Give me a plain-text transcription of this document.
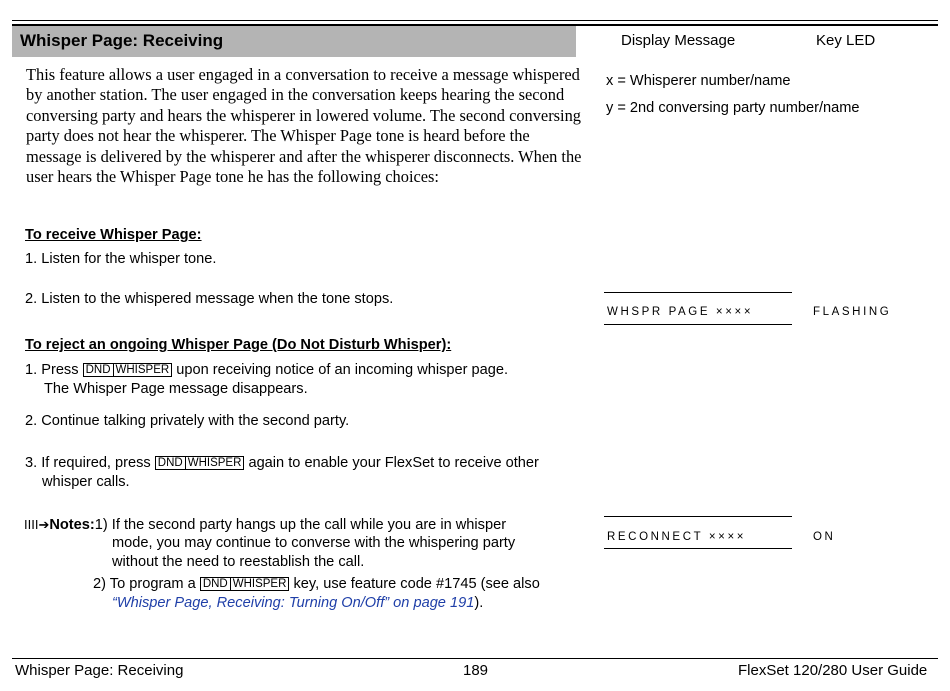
Whisper Page: Receiving	Display Message	Key LED
This feature allows a user engaged in a conversation to receive a message whispered by another station. The user engaged in the conversation keeps hearing the second conversing party and hears the whisperer in lowered volume. The second conversing party does not hear the whisperer. The Whisper Page tone is heard before the message is delivered by the whisperer and after the whisperer disconnects. When the user hears the Whisper Page tone he has the following choices:
x = Whisperer number/name
y = 2nd conversing party number/name
To receive Whisper Page:
1. Listen for the whisper tone.
2. Listen to the whispered message when the tone stops.
WHSPR PAGE ××××	FLASHING
To reject an ongoing Whisper Page (Do Not Disturb Whisper):
1. Press DND WHISPER upon receiving notice of an incoming whisper page.
The Whisper Page message disappears.
2. Continue talking privately with the second party.
3. If required, press DND WHISPER again to enable your FlexSet to receive other
whisper calls.
IIII➔Notes:1) If the second party hangs up the call while you are in whisper
mode, you may continue to converse with the whispering party
without the need to reestablish the call.
2) To program a DND WHISPER key, use feature code #1745 (see also
“Whisper Page, Receiving: Turning On/Off” on page 191).
RECONNECT ××××	ON
Whisper Page: Receiving	189	FlexSet 120/280 User Guide
